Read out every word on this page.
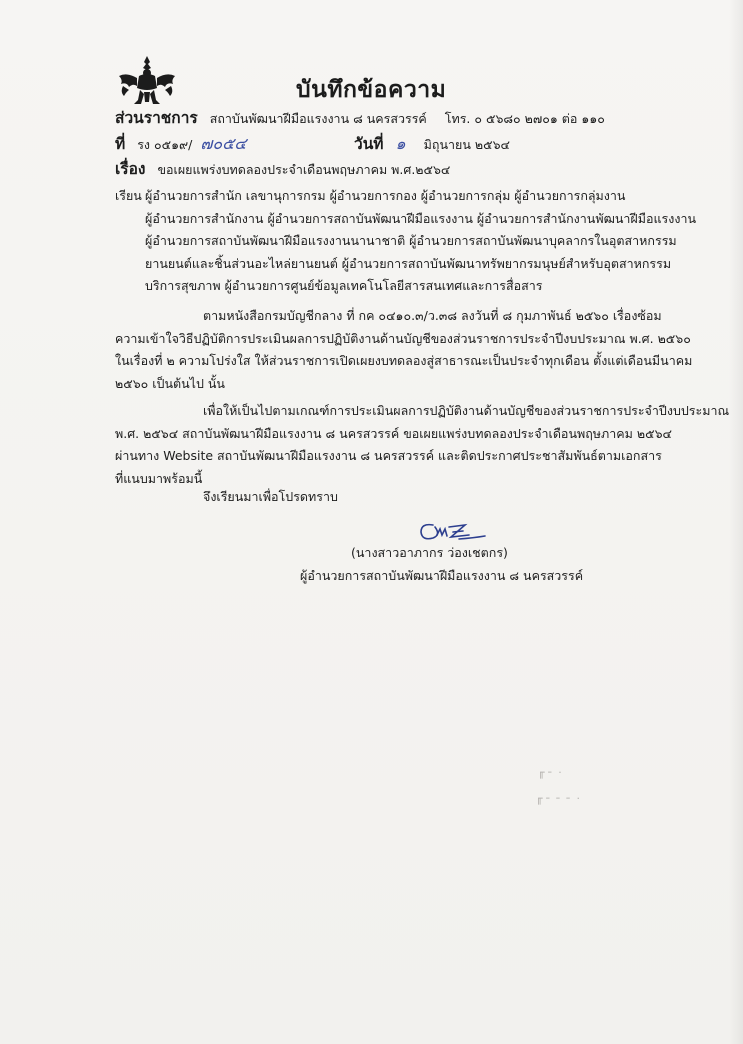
บันทึกข้อความ
ส่วนราชการ สถาบันพัฒนาฝีมือแรงงาน ๘ นครสวรรค์ โทร. ๐ ๕๖๘๐ ๒๗๐๑ ต่อ ๑๑๐
ที่ รง ๐๕๑๙/ ๗๐๕๔	วันที่ ๑ มิถุนายน ๒๕๖๔
เรื่อง ขอเผยแพร่งบทดลองประจำเดือนพฤษภาคม พ.ศ.๒๕๖๔
เรียน ผู้อำนวยการสำนัก เลขานุการกรม ผู้อำนวยการกอง ผู้อำนวยการกลุ่ม ผู้อำนวยการกลุ่มงาน
ผู้อำนวยการสำนักงาน ผู้อำนวยการสถาบันพัฒนาฝีมือแรงงาน ผู้อำนวยการสำนักงานพัฒนาฝีมือแรงงาน
ผู้อำนวยการสถาบันพัฒนาฝีมือแรงงานนานาชาติ ผู้อำนวยการสถาบันพัฒนาบุคลากรในอุตสาหกรรม
ยานยนต์และชิ้นส่วนอะไหล่ยานยนต์ ผู้อำนวยการสถาบันพัฒนาทรัพยากรมนุษย์สำหรับอุตสาหกรรม
บริการสุขภาพ ผู้อำนวยการศูนย์ข้อมูลเทคโนโลยีสารสนเทศและการสื่อสาร
ตามหนังสือกรมบัญชีกลาง ที่ กค ๐๔๑๐.๓/ว.๓๘ ลงวันที่ ๘ กุมภาพันธ์ ๒๕๖๐ เรื่องซ้อม
ความเข้าใจวิธีปฏิบัติการประเมินผลการปฏิบัติงานด้านบัญชีของส่วนราชการประจำปีงบประมาณ พ.ศ. ๒๕๖๐
ในเรื่องที่ ๒ ความโปร่งใส ให้ส่วนราชการเปิดเผยงบทดลองสู่สาธารณะเป็นประจำทุกเดือน ตั้งแต่เดือนมีนาคม
๒๕๖๐ เป็นต้นไป นั้น
เพื่อให้เป็นไปตามเกณฑ์การประเมินผลการปฏิบัติงานด้านบัญชีของส่วนราชการประจำปีงบประมาณ
พ.ศ. ๒๕๖๔ สถาบันพัฒนาฝีมือแรงงาน ๘ นครสวรรค์ ขอเผยแพร่งบทดลองประจำเดือนพฤษภาคม ๒๕๖๔
ผ่านทาง Website สถาบันพัฒนาฝีมือแรงงาน ๘ นครสวรรค์ และติดประกาศประชาสัมพันธ์ตามเอกสาร
ที่แนบมาพร้อมนี้
จึงเรียนมาเพื่อโปรดทราบ
(นางสาวอาภากร ว่องเชตกร)
ผู้อำนวยการสถาบันพัฒนาฝีมือแรงงาน ๘ นครสวรรค์
╓ ╴ ·
╓ ╴ ╴ ╴ ·
